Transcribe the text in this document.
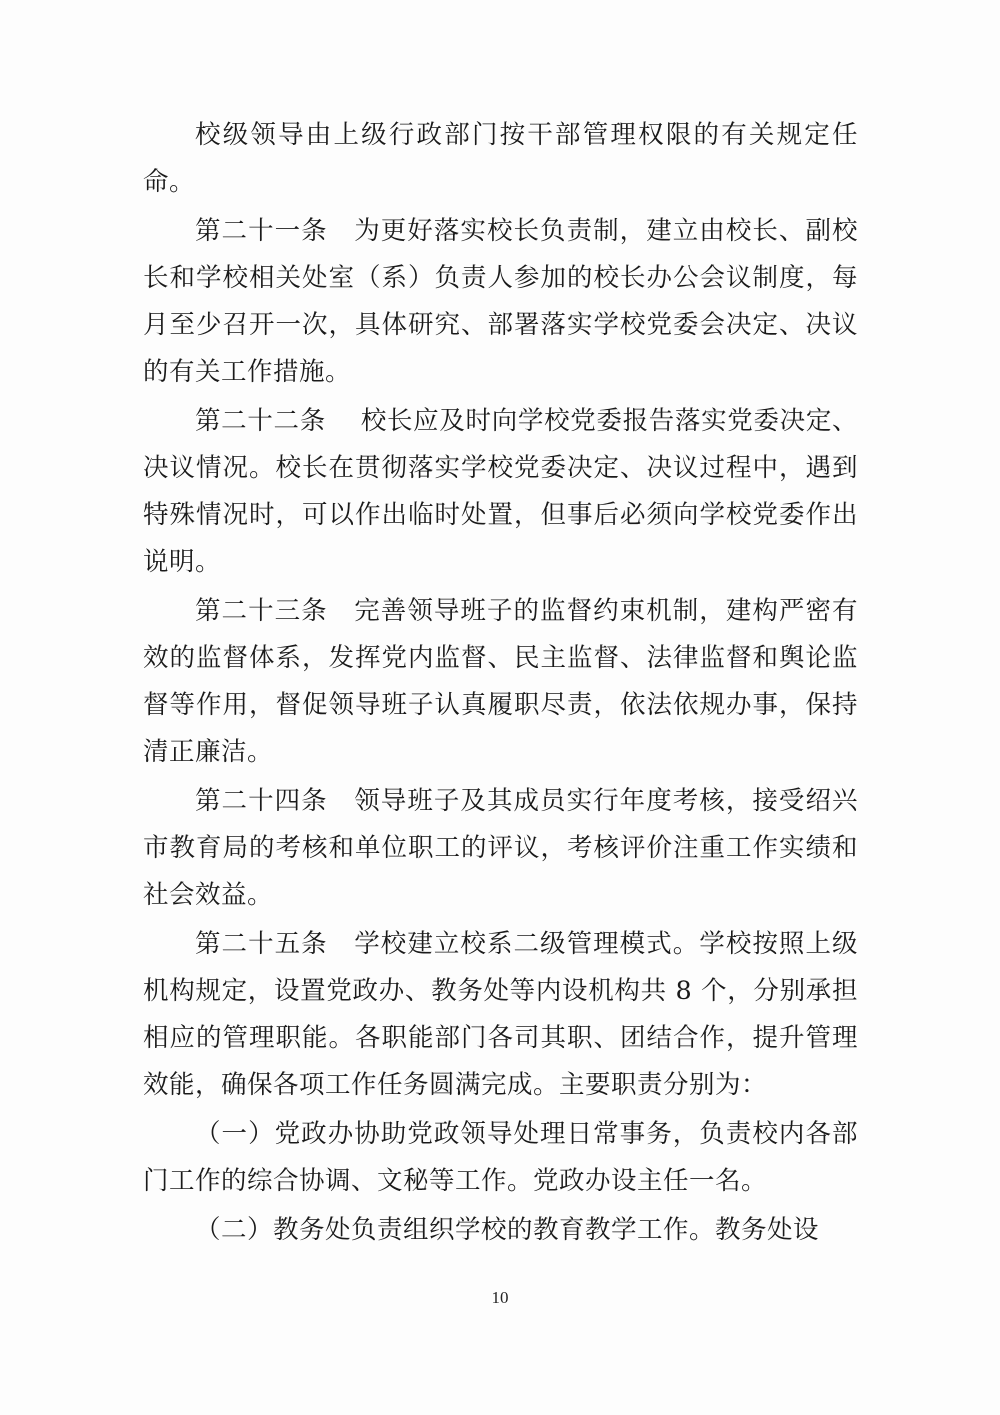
校级领导由上级行政部门按干部管理权限的有关规定任命。

第二十一条　为更好落实校长负责制，建立由校长、副校长和学校相关处室（系）负责人参加的校长办公会议制度，每月至少召开一次，具体研究、部署落实学校党委会决定、决议的有关工作措施。

第二十二条　 校长应及时向学校党委报告落实党委决定、决议情况。校长在贯彻落实学校党委决定、决议过程中，遇到特殊情况时，可以作出临时处置，但事后必须向学校党委作出说明。

第二十三条　完善领导班子的监督约束机制，建构严密有效的监督体系，发挥党内监督、民主监督、法律监督和舆论监督等作用，督促领导班子认真履职尽责，依法依规办事，保持清正廉洁。

第二十四条　领导班子及其成员实行年度考核，接受绍兴市教育局的考核和单位职工的评议，考核评价注重工作实绩和社会效益。

第二十五条　学校建立校系二级管理模式。学校按照上级机构规定，设置党政办、教务处等内设机构共 8 个，分别承担相应的管理职能。各职能部门各司其职、团结合作，提升管理效能，确保各项工作任务圆满完成。主要职责分别为：

（一）党政办协助党政领导处理日常事务，负责校内各部门工作的综合协调、文秘等工作。党政办设主任一名。

（二）教务处负责组织学校的教育教学工作。教务处设

10
